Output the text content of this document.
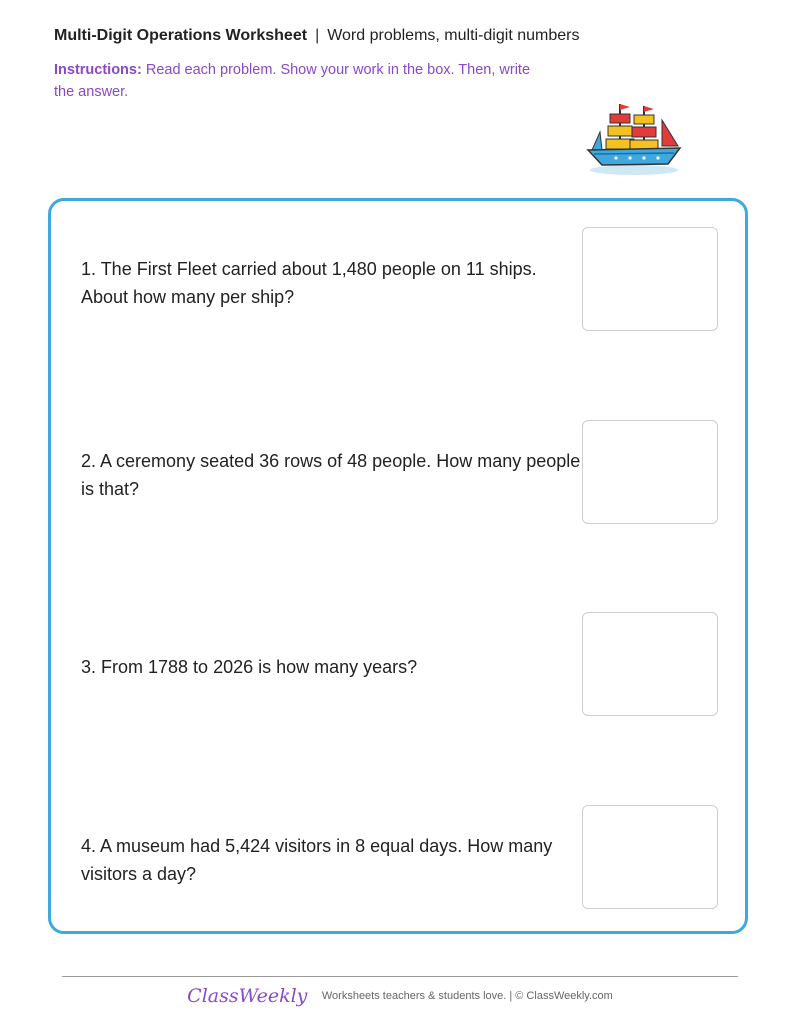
Multi-Digit Operations Worksheet | Word problems, multi-digit numbers
Instructions: Read each problem. Show your work in the box. Then, write the answer.
1. The First Fleet carried about 1,480 people on 11 ships. About how many per ship?
2. A ceremony seated 36 rows of 48 people. How many people is that?
3. From 1788 to 2026 is how many years?
4. A museum had 5,424 visitors in 8 equal days. How many visitors a day?
ClassWeekly Worksheets teachers & students love. | © ClassWeekly.com
